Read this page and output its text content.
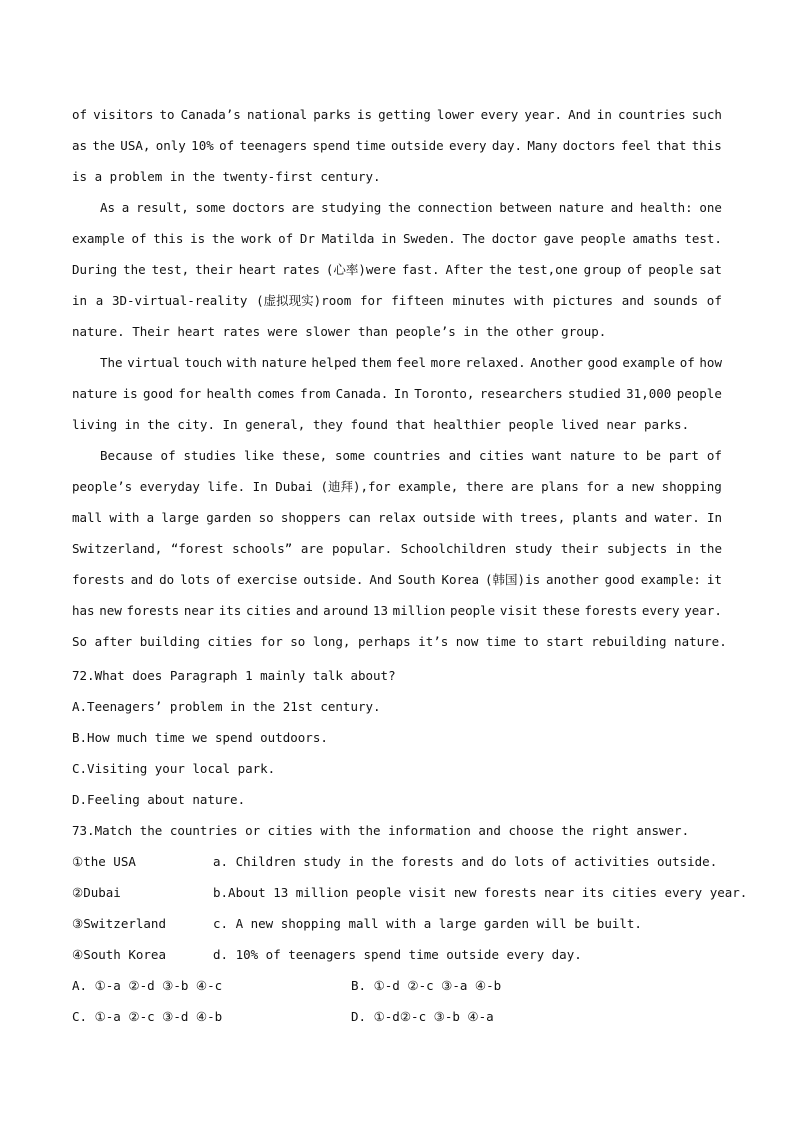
of visitors to Canada’s national parks is getting lower every year. And in countries such
as the USA, only 10% of teenagers spend time outside every day. Many doctors feel that this
is a problem in the twenty-first century.
As a result, some doctors are studying the connection between nature and health: one
example of this is the work of Dr Matilda in Sweden. The doctor gave people amaths test.
During the test, their heart rates (心率)were fast. After the test,one group of people sat
in a 3D-virtual-reality (虚拟现实)room for fifteen minutes with pictures and sounds of
nature. Their heart rates were slower than people’s in the other group.
The virtual touch with nature helped them feel more relaxed. Another good example of how
nature is good for health comes from Canada. In Toronto, researchers studied 31,000 people
living in the city. In general, they found that healthier people lived near parks.
Because of studies like these, some countries and cities want nature to be part of
people’s everyday life. In Dubai (迪拜),for example, there are plans for a new shopping
mall with a large garden so shoppers can relax outside with trees, plants and water. In
Switzerland, “forest schools” are popular. Schoolchildren study their subjects in the
forests and do lots of exercise outside. And South Korea (韩国)is another good example: it
has new forests near its cities and around 13 million people visit these forests every year.
So after building cities for so long, perhaps it’s now time to start rebuilding nature.
72.What does Paragraph 1 mainly talk about?
A.Teenagers’ problem in the 21st century.
B.How much time we spend outdoors.
C.Visiting your local park.
D.Feeling about nature.
73.Match the countries or cities with the information and choose the right answer.
①the USA	a. Children study in the forests and do lots of activities outside.
②Dubai	b.About 13 million people visit new forests near its cities every year.
③Switzerland	c. A new shopping mall with a large garden will be built.
④South Korea	d. 10% of teenagers spend time outside every day.
A. ①-a ②-d ③-b ④-c	B. ①-d ②-c ③-a ④-b
C. ①-a ②-c ③-d ④-b	D. ①-d②-c ③-b ④-a
